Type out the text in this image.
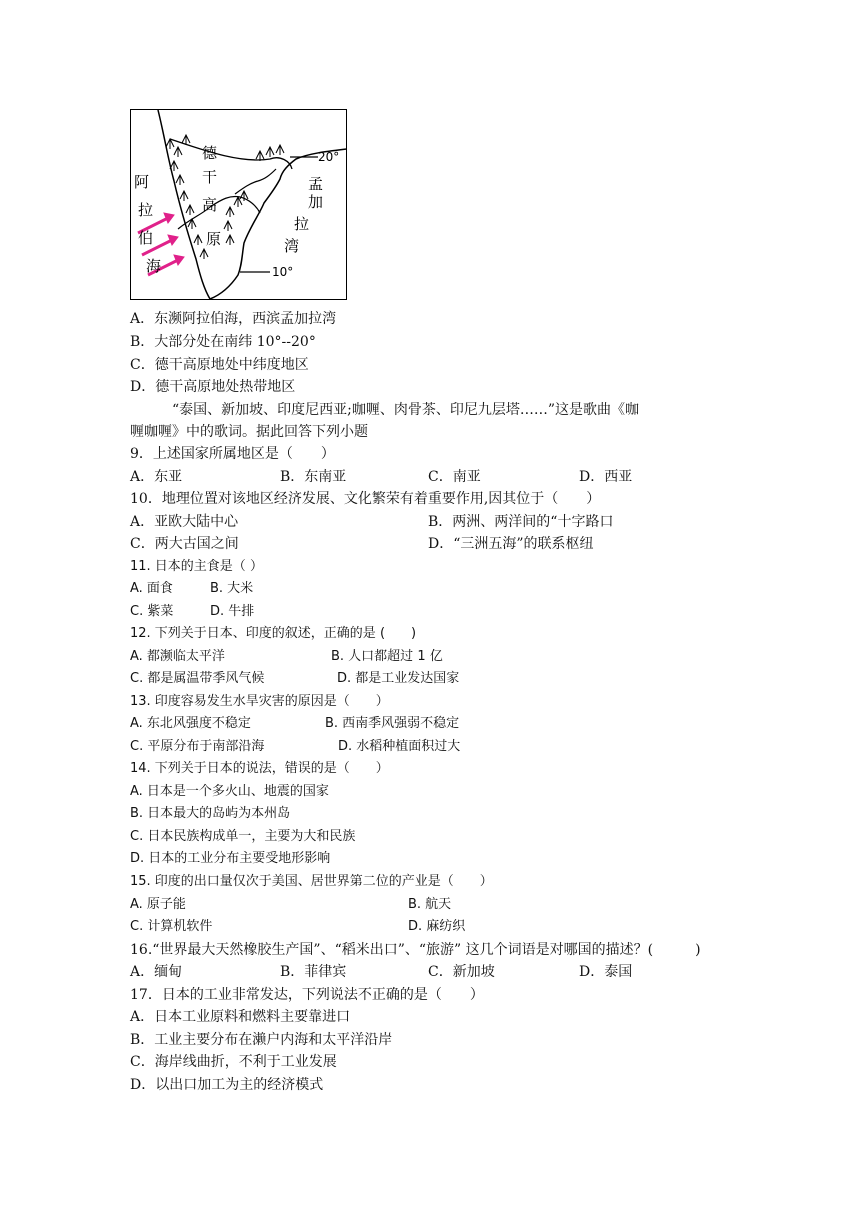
德
干
高
原
阿
拉
伯
海
孟
加
拉
湾
20°
10°
A．东濒阿拉伯海，西滨孟加拉湾
B．大部分处在南纬 10°--20°
C．德干高原地处中纬度地区
D．德干高原地处热带地区
“泰国、新加坡、印度尼西亚;咖喱、肉骨茶、印尼九层塔……”这是歌曲《咖
喱咖喱》中的歌词。据此回答下列小题
9．上述国家所属地区是（　　）
A．东亚	B．东南亚	C．南亚	D．西亚
10．地理位置对该地区经济发展、文化繁荣有着重要作用,因其位于（　　）
A．亚欧大陆中心	B．两洲、两洋间的“十字路口
C．两大古国之间	D．“三洲五海”的联系枢纽
11. 日本的主食是（ ）
A. 面食	B. 大米
C. 紫菜	D. 牛排
12. 下列关于日本、印度的叙述，正确的是 (　　)
A. 都濒临太平洋	B. 人口都超过 1 亿
C. 都是属温带季风气候	D. 都是工业发达国家
13. 印度容易发生水旱灾害的原因是（　　）
A. 东北风强度不稳定	B. 西南季风强弱不稳定
C. 平原分布于南部沿海	D. 水稻种植面积过大
14. 下列关于日本的说法，错误的是（　　）
A. 日本是一个多火山、地震的国家
B. 日本最大的岛屿为本州岛
C. 日本民族构成单一，主要为大和民族
D. 日本的工业分布主要受地形影响
15. 印度的出口量仅次于美国、居世界第二位的产业是（　　）
A. 原子能	B. 航天
C. 计算机软件	D. 麻纺织
16.“世界最大天然橡胶生产国”、“稻米出口”、“旅游” 这几个词语是对哪国的描述？(　　　)
A．缅甸	B．菲律宾	C．新加坡	D．泰国
17．日本的工业非常发达，下列说法不正确的是（　　）
A．日本工业原料和燃料主要靠进口
B．工业主要分布在濑户内海和太平洋沿岸
C．海岸线曲折，不利于工业发展
D．以出口加工为主的经济模式
